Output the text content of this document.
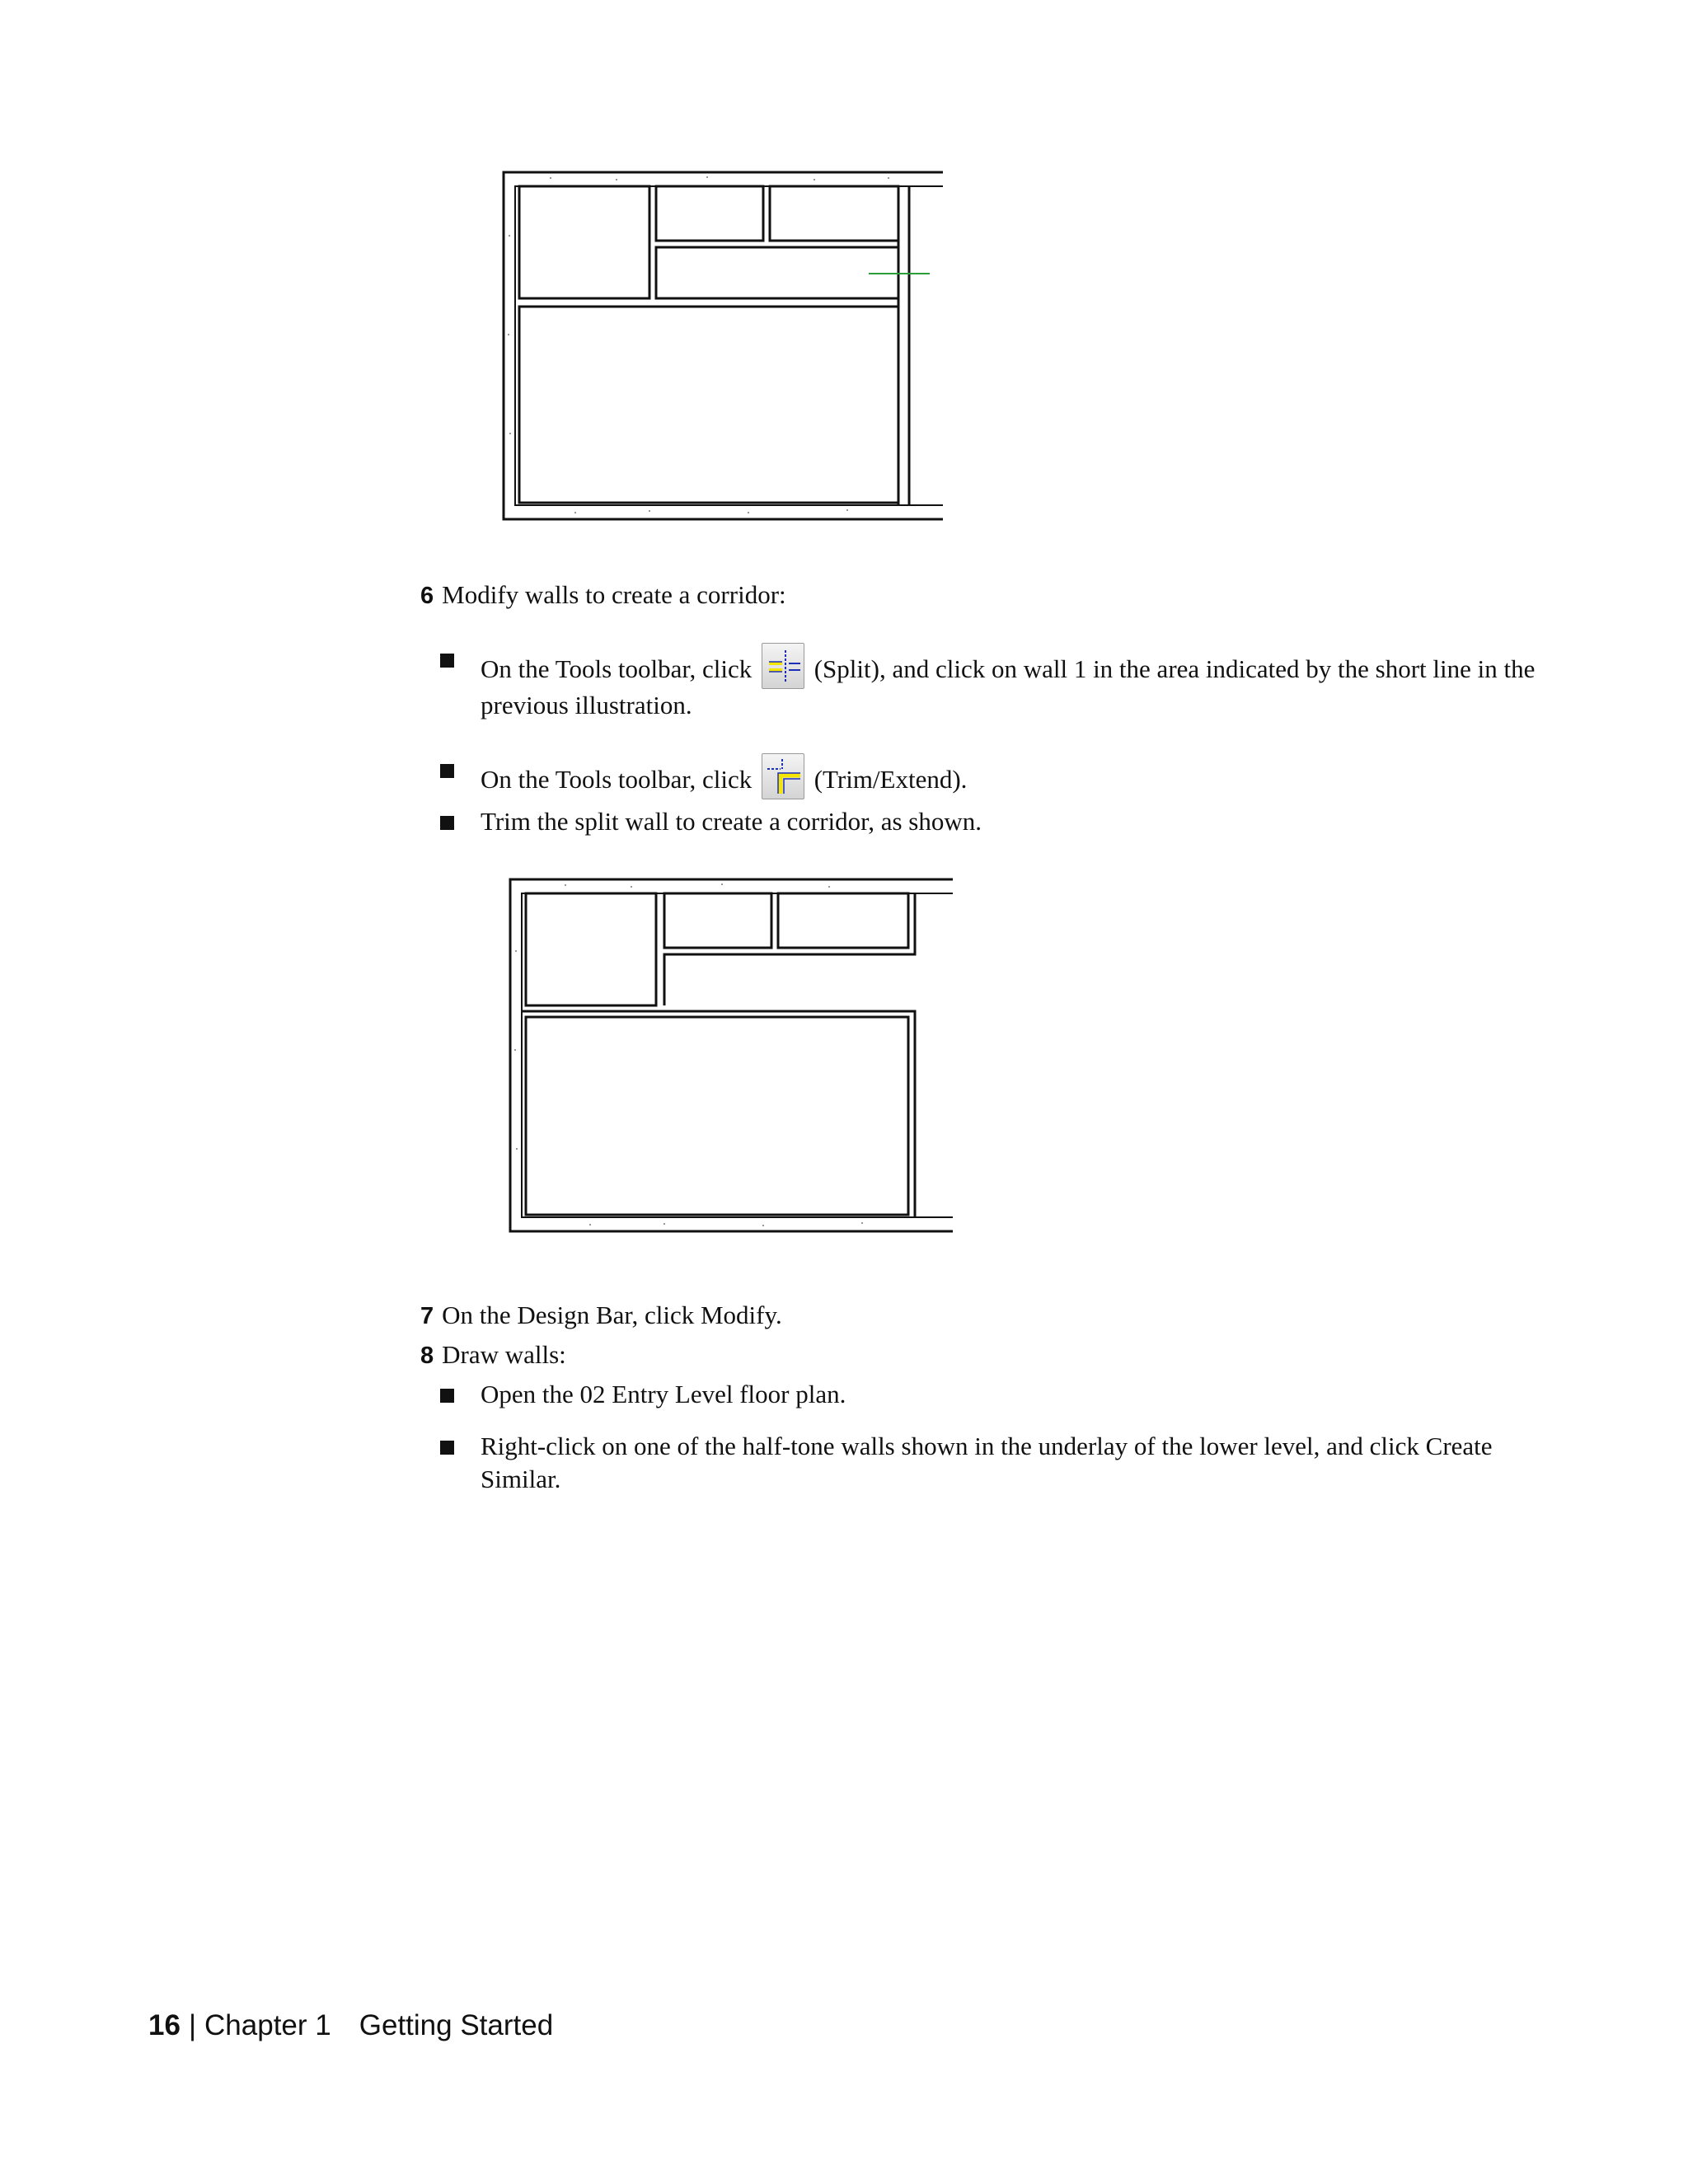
6 Modify walls to create a corridor:
On the Tools toolbar, click (Split), and click on wall 1 in the area indicated by the short line in the previous illustration.
On the Tools toolbar, click (Trim/Extend).
Trim the split wall to create a corridor, as shown.
7 On the Design Bar, click Modify.
8 Draw walls:
Open the 02 Entry Level floor plan.
Right-click on one of the half-tone walls shown in the underlay of the lower level, and click Create Similar.
16 | Chapter 1 Getting Started
